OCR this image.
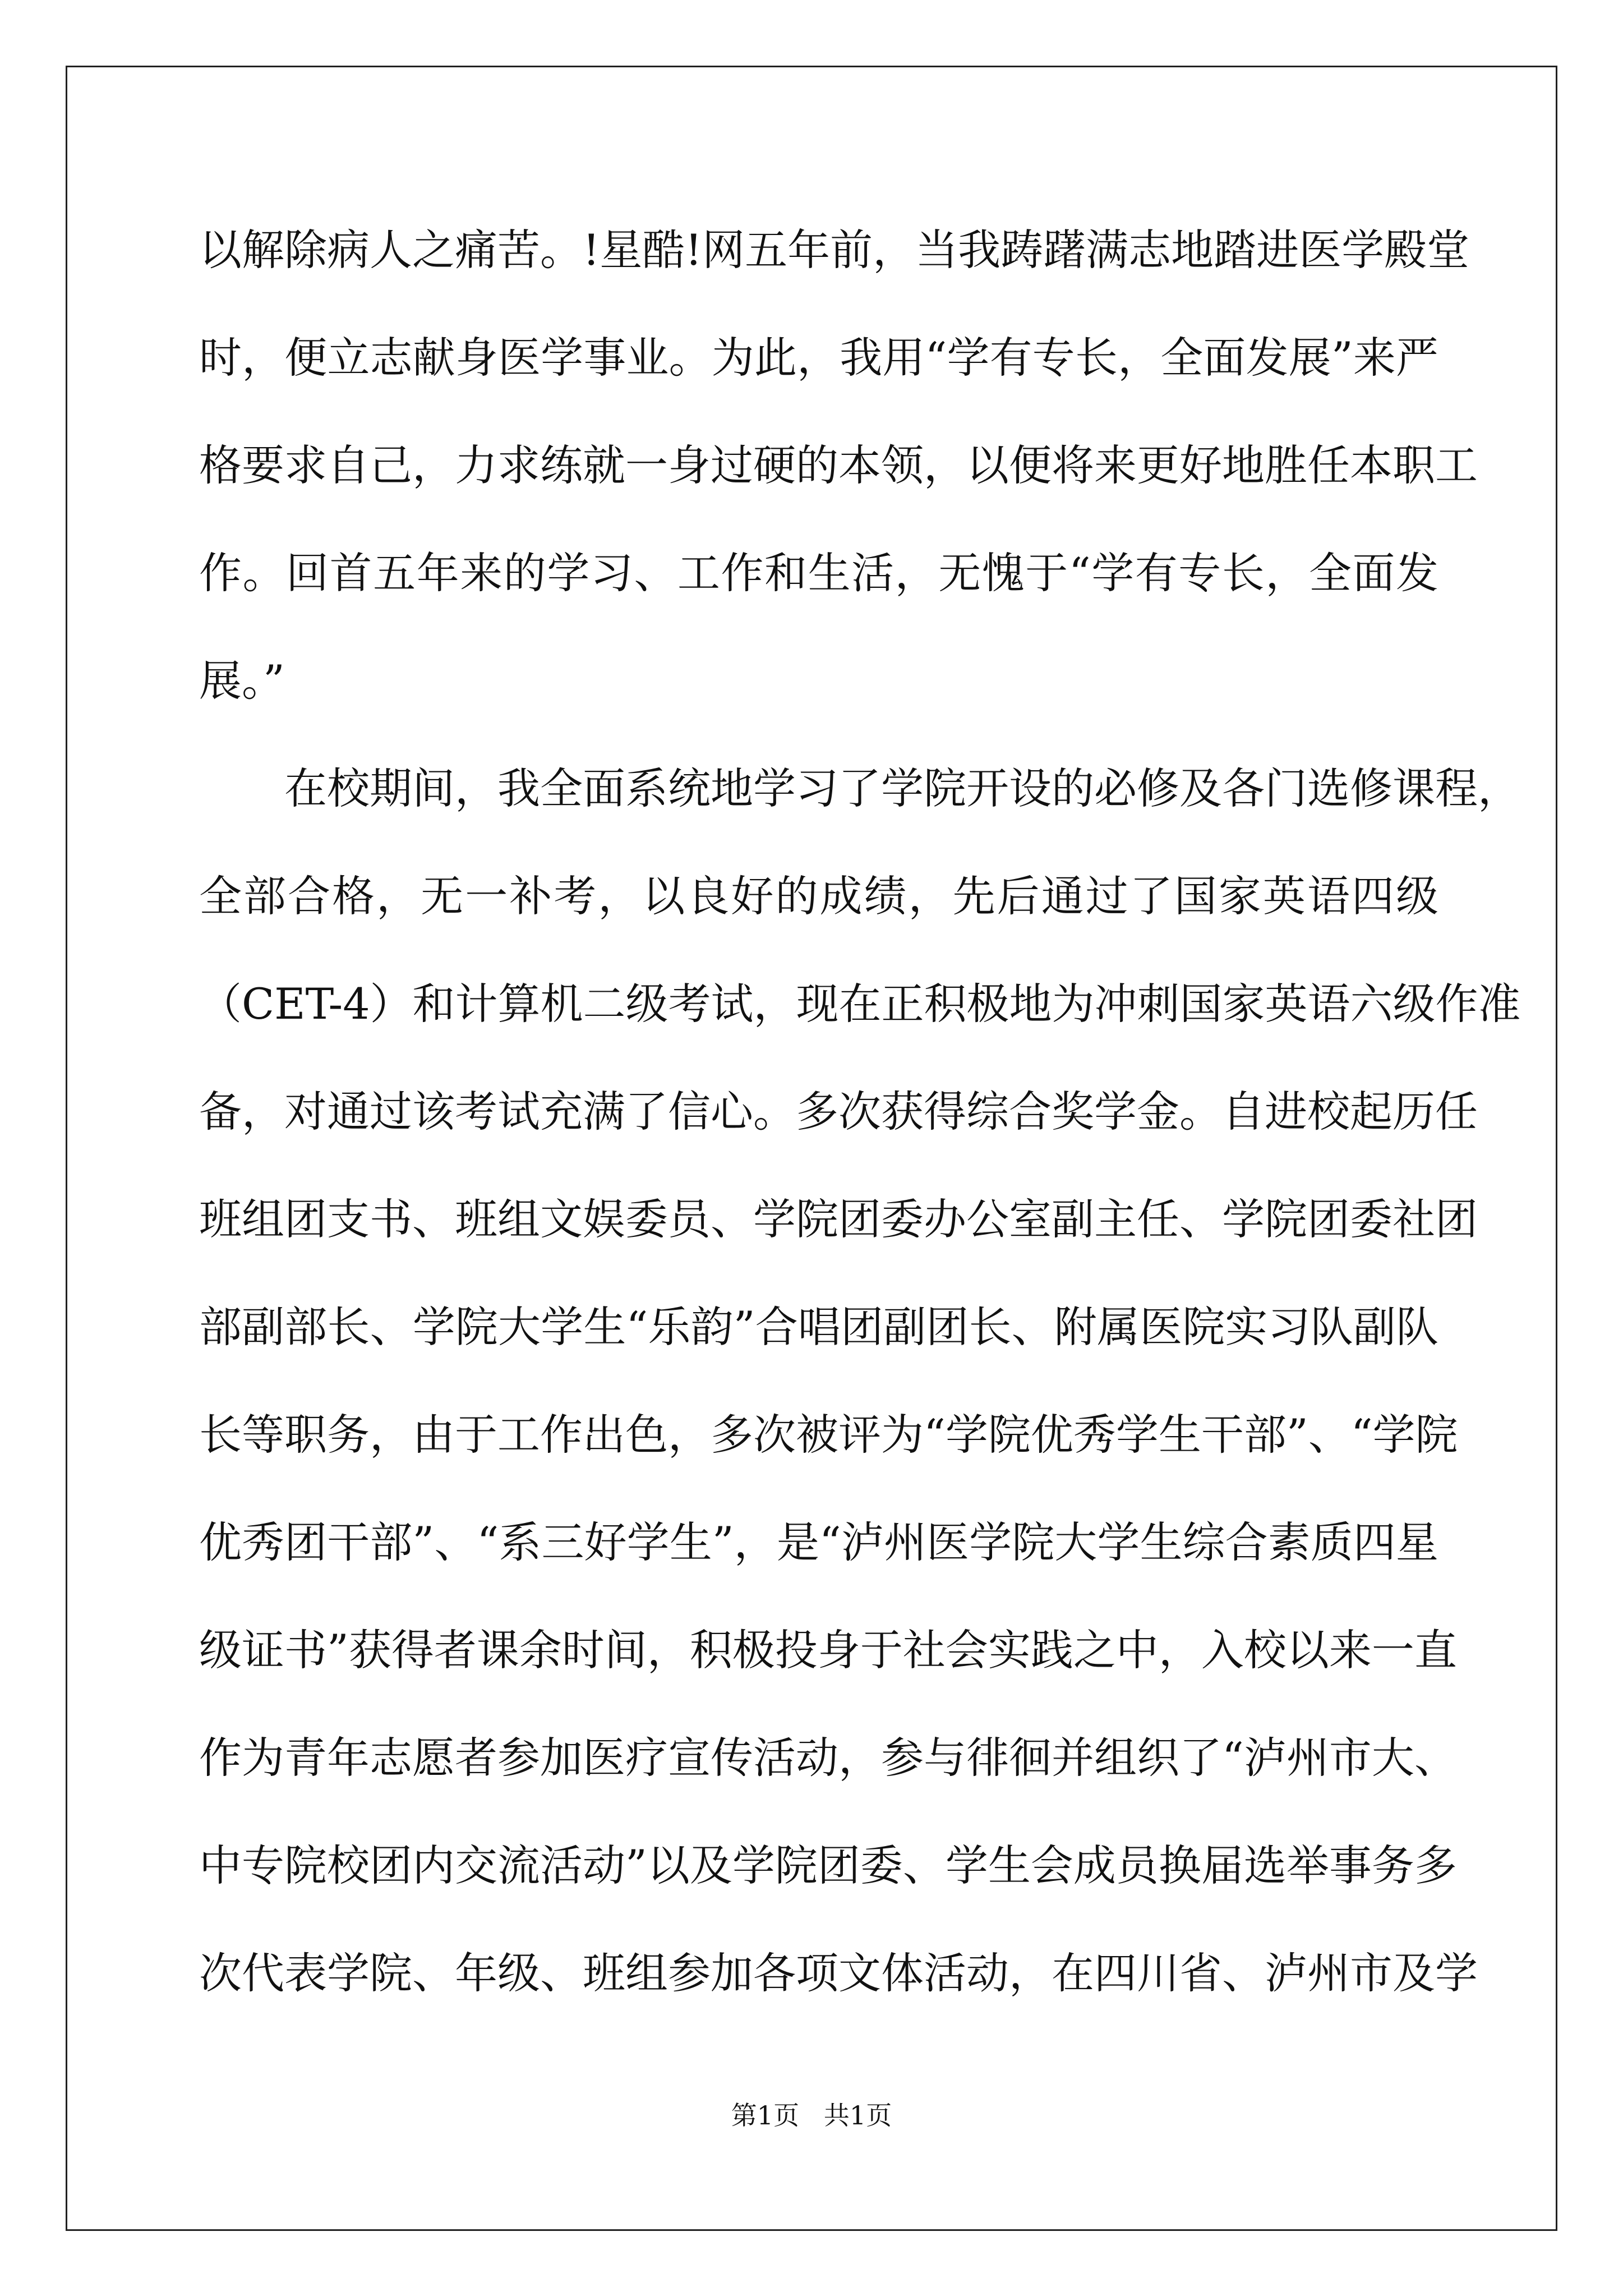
以解除病人之痛苦。!星酷!网五年前，当我踌躇满志地踏进医学殿堂
时，便立志献身医学事业。为此，我用“学有专长，全面发展”来严
格要求自己，力求练就一身过硬的本领，以便将来更好地胜任本职工
作。回首五年来的学习、工作和生活，无愧于“学有专长，全面发
展。”
在校期间，我全面系统地学习了学院开设的必修及各门选修课程，
全部合格，无一补考，以良好的成绩，先后通过了国家英语四级
（CET-4）和计算机二级考试，现在正积极地为冲刺国家英语六级作准
备，对通过该考试充满了信心。多次获得综合奖学金。自进校起历任
班组团支书、班组文娱委员、学院团委办公室副主任、学院团委社团
部副部长、学院大学生“乐韵”合唱团副团长、附属医院实习队副队
长等职务，由于工作出色，多次被评为“学院优秀学生干部”、“学院
优秀团干部”、“系三好学生”，是“泸州医学院大学生综合素质四星
级证书”获得者课余时间，积极投身于社会实践之中，入校以来一直
作为青年志愿者参加医疗宣传活动，参与徘徊并组织了“泸州市大、
中专院校团内交流活动”以及学院团委、学生会成员换届选举事务多
次代表学院、年级、班组参加各项文体活动，在四川省、泸州市及学
第1页   共1页
